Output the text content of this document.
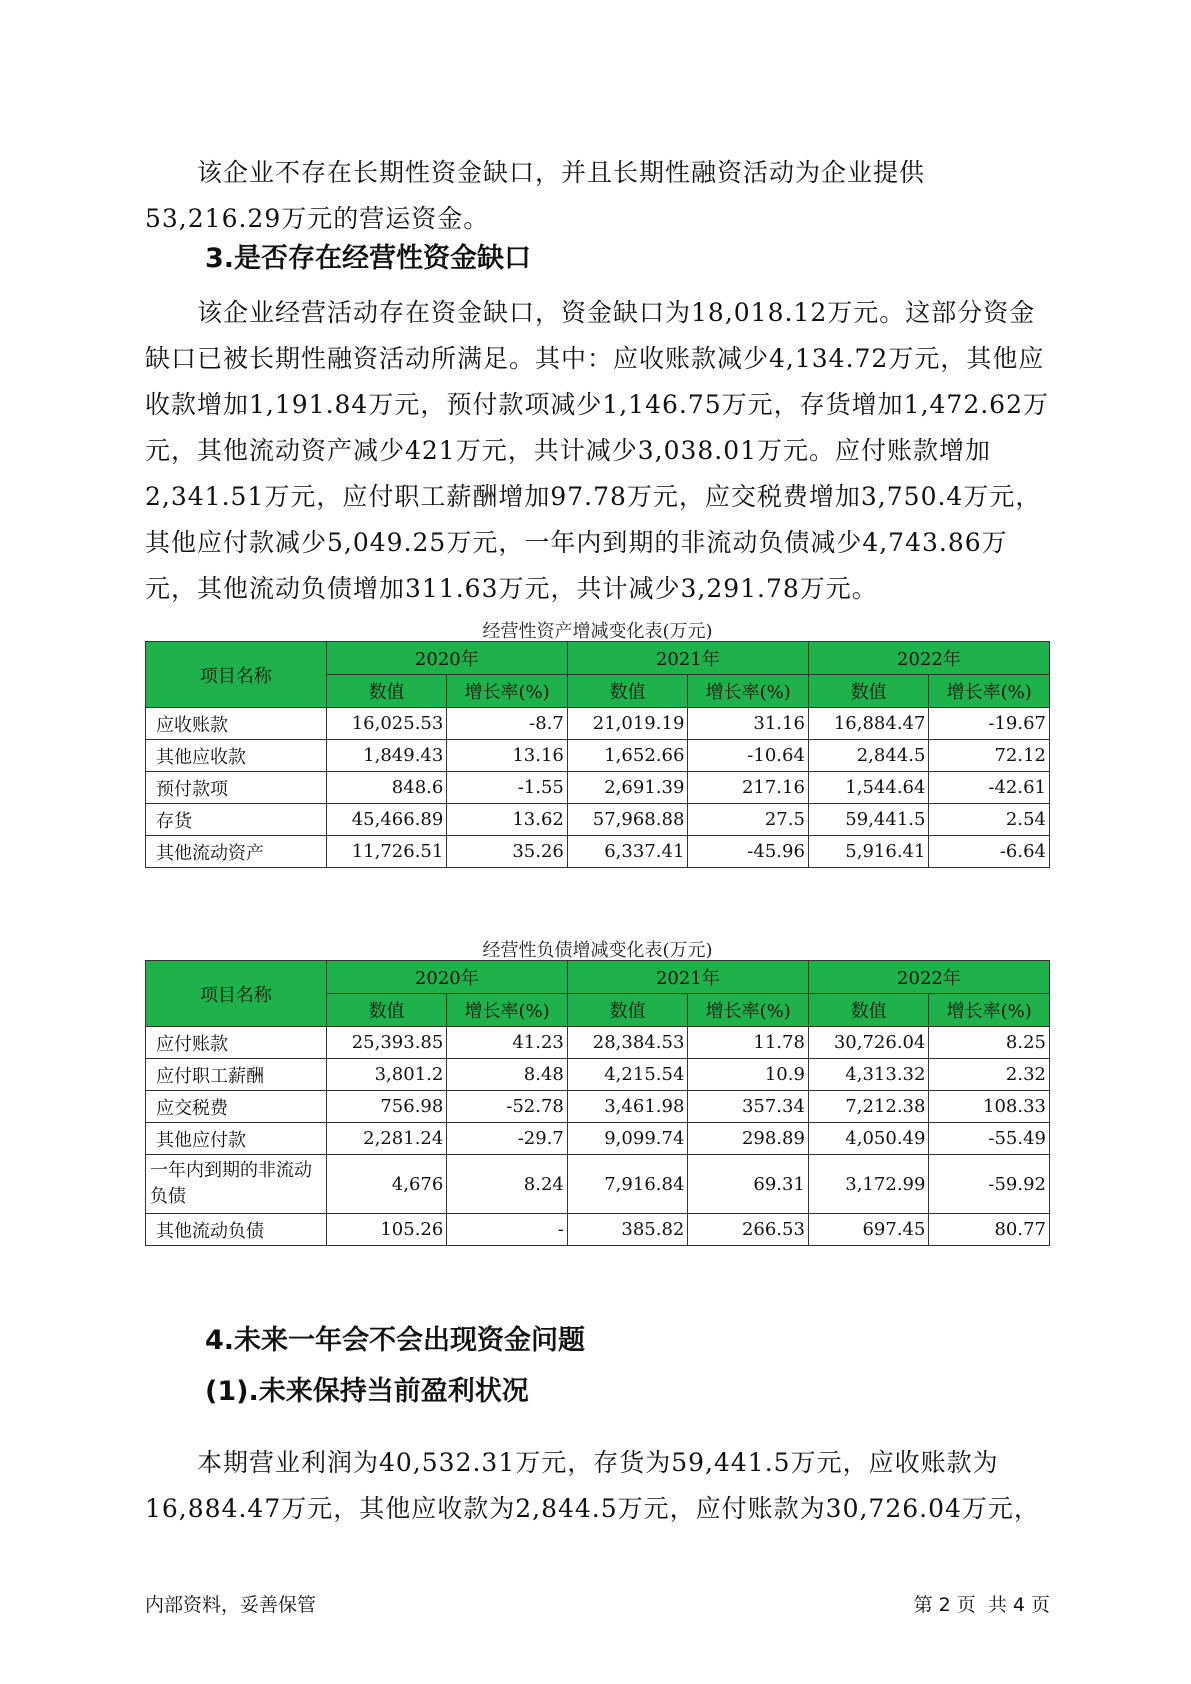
该企业不存在长期性资金缺口，并且长期性融资活动为企业提供53,216.29万元的营运资金。

3.是否存在经营性资金缺口

该企业经营活动存在资金缺口，资金缺口为18,018.12万元。这部分资金缺口已被长期性融资活动所满足。其中：应收账款减少4,134.72万元，其他应收款增加1,191.84万元，预付款项减少1,146.75万元，存货增加1,472.62万元，其他流动资产减少421万元，共计减少3,038.01万元。应付账款增加2,341.51万元，应付职工薪酬增加97.78万元，应交税费增加3,750.4万元，其他应付款减少5,049.25万元，一年内到期的非流动负债减少4,743.86万元，其他流动负债增加311.63万元，共计减少3,291.78万元。

经营性资产增减变化表(万元)
项目名称	2020年		2021年		2022年	
	数值	增长率(%)	数值	增长率(%)	数值	增长率(%)
应收账款	16,025.53	-8.7	21,019.19	31.16	16,884.47	-19.67
其他应收款	1,849.43	13.16	1,652.66	-10.64	2,844.5	72.12
预付款项	848.6	-1.55	2,691.39	217.16	1,544.64	-42.61
存货	45,466.89	13.62	57,968.88	27.5	59,441.5	2.54
其他流动资产	11,726.51	35.26	6,337.41	-45.96	5,916.41	-6.64
经营性负债增减变化表(万元)
项目名称	2020年		2021年		2022年	
	数值	增长率(%)	数值	增长率(%)	数值	增长率(%)
应付账款	25,393.85	41.23	28,384.53	11.78	30,726.04	8.25
应付职工薪酬	3,801.2	8.48	4,215.54	10.9	4,313.32	2.32
应交税费	756.98	-52.78	3,461.98	357.34	7,212.38	108.33
其他应付款	2,281.24	-29.7	9,099.74	298.89	4,050.49	-55.49
一年内到期的非流动负债	4,676	8.24	7,916.84	69.31	3,172.99	-59.92
其他流动负债	105.26	-	385.82	266.53	697.45	80.77
4.未来一年会不会出现资金问题
(1).未来保持当前盈利状况

本期营业利润为40,532.31万元，存货为59,441.5万元，应收账款为16,884.47万元，其他应收款为2,844.5万元，应付账款为30,726.04万元，

内部资料，妥善保管	第 2 页  共 4 页
